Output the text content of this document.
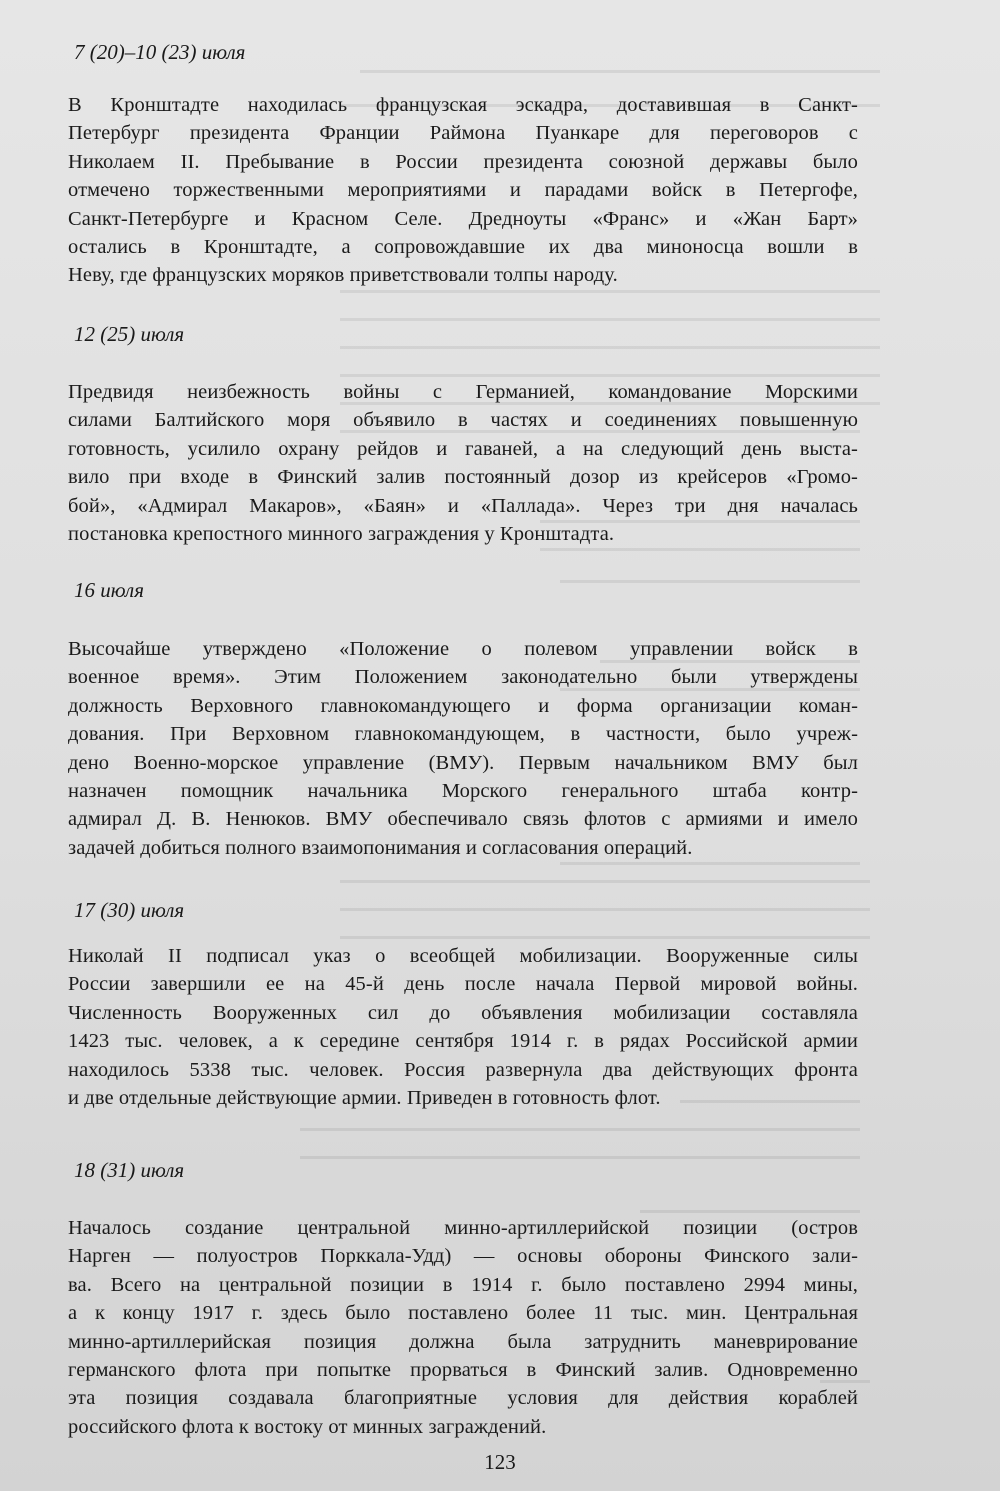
7 (20)–10 (23) июля
В Кронштадте находилась французская эскадра, доставившая в Санкт-
Петербург президента Франции Раймона Пуанкаре для переговоров с
Николаем II. Пребывание в России президента союзной державы было
отмечено торжественными мероприятиями и парадами войск в Петергофе,
Санкт-Петербурге и Красном Селе. Дредноуты «Франс» и «Жан Барт»
остались в Кронштадте, а сопровождавшие их два миноносца вошли в
Неву, где французских моряков приветствовали толпы народу.
12 (25) июля
Предвидя неизбежность войны с Германией, командование Морскими
силами Балтийского моря объявило в частях и соединениях повышенную
готовность, усилило охрану рейдов и гаваней, а на следующий день выста-
вило при входе в Финский залив постоянный дозор из крейсеров «Громо-
бой», «Адмирал Макаров», «Баян» и «Паллада». Через три дня началась
постановка крепостного минного заграждения у Кронштадта.
16 июля
Высочайше утверждено «Положение о полевом управлении войск в
военное время». Этим Положением законодательно были утверждены
должность Верховного главнокомандующего и форма организации коман-
дования. При Верховном главнокомандующем, в частности, было учреж-
дено Военно-морское управление (ВМУ). Первым начальником ВМУ был
назначен помощник начальника Морского генерального штаба контр-
адмирал Д. В. Ненюков. ВМУ обеспечивало связь флотов с армиями и имело
задачей добиться полного взаимопонимания и согласования операций.
17 (30) июля
Николай II подписал указ о всеобщей мобилизации. Вооруженные силы
России завершили ее на 45-й день после начала Первой мировой войны.
Численность Вооруженных сил до объявления мобилизации составляла
1423 тыс. человек, а к середине сентября 1914 г. в рядах Российской армии
находилось 5338 тыс. человек. Россия развернула два действующих фронта
и две отдельные действующие армии. Приведен в готовность флот.
18 (31) июля
Началось создание центральной минно-артиллерийской позиции (остров
Нарген — полуостров Порккала-Удд) — основы обороны Финского зали-
ва. Всего на центральной позиции в 1914 г. было поставлено 2994 мины,
а к концу 1917 г. здесь было поставлено более 11 тыс. мин. Центральная
минно-артиллерийская позиция должна была затруднить маневрирование
германского флота при попытке прорваться в Финский залив. Одновременно
эта позиция создавала благоприятные условия для действия кораблей
российского флота к востоку от минных заграждений.
123
